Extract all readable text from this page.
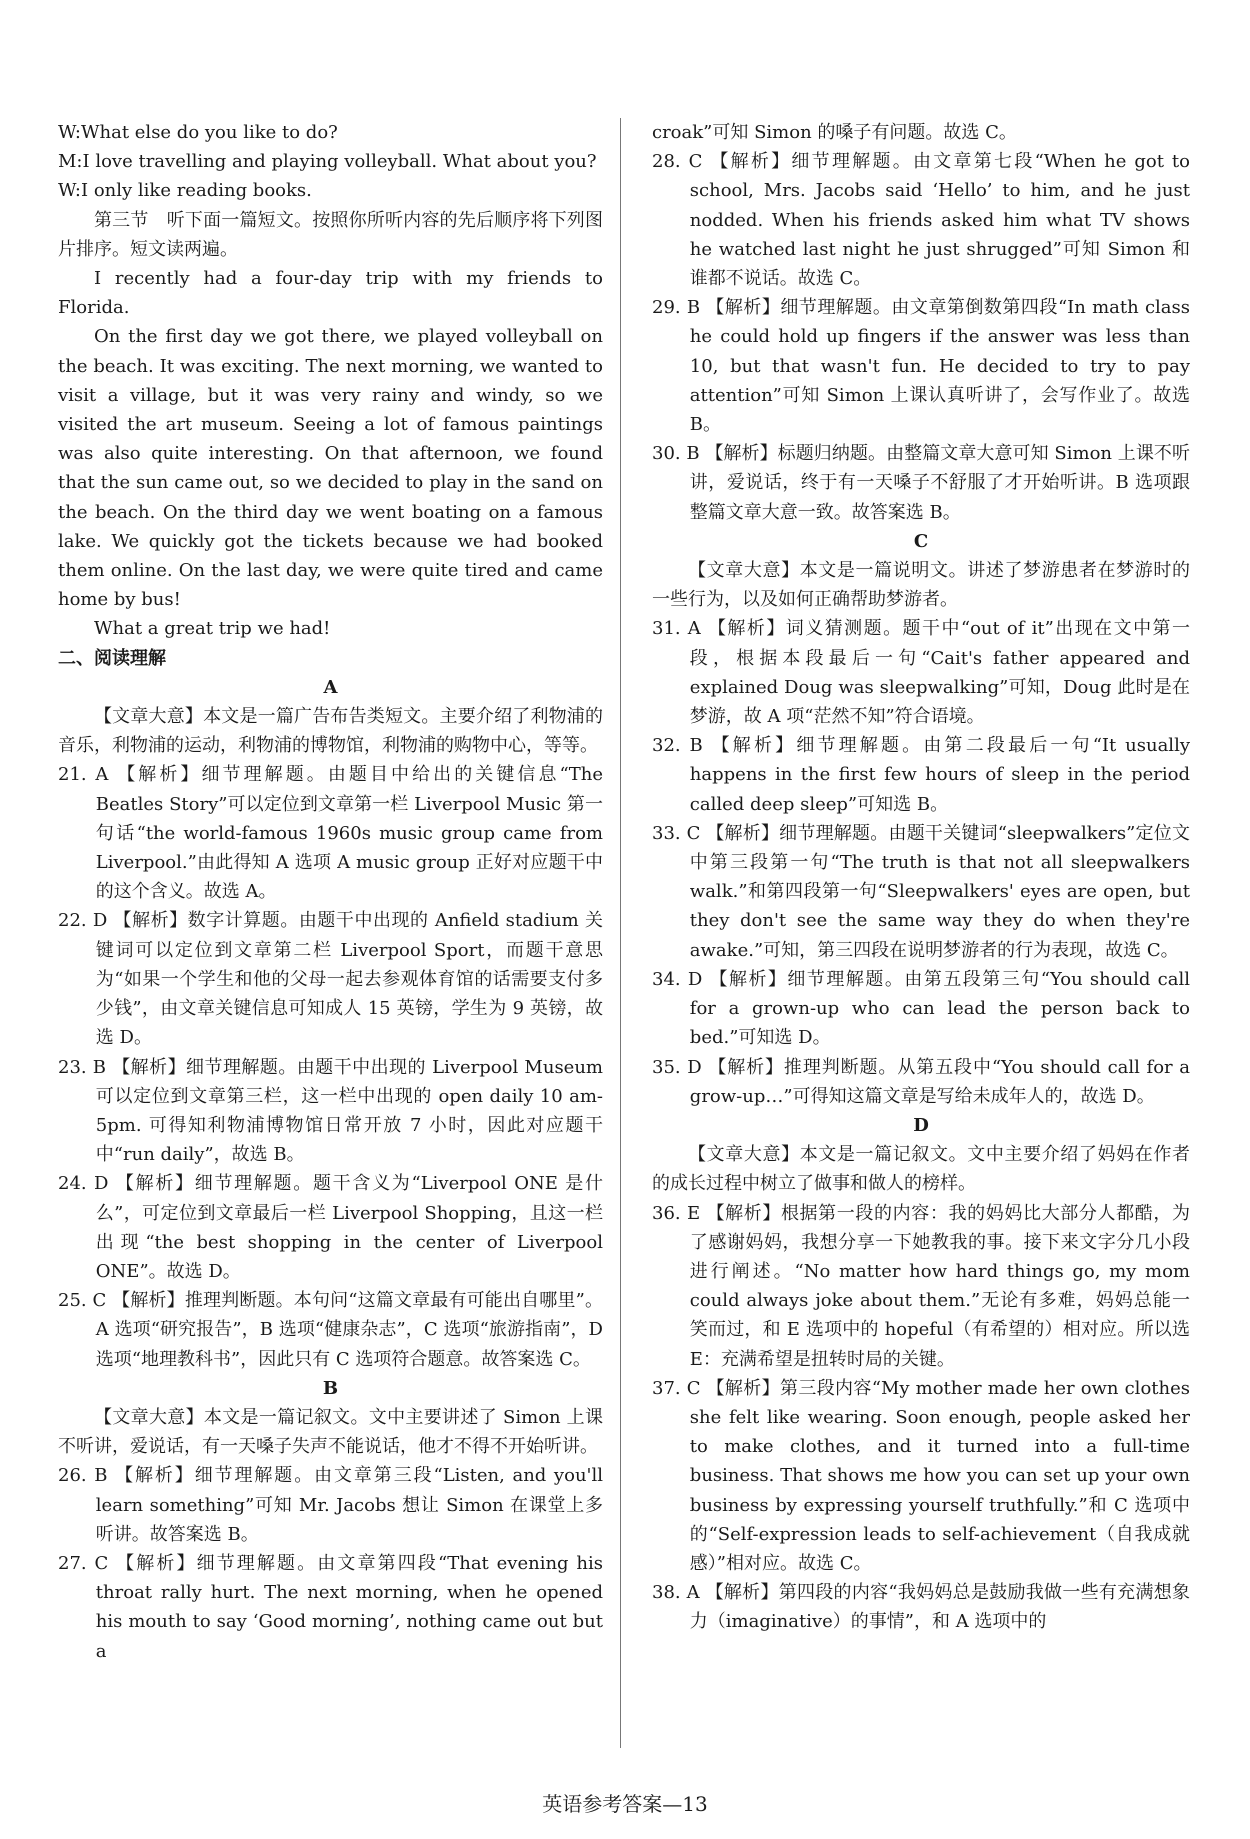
W:What else do you like to do?

M:I love travelling and playing volleyball. What about you?

W:I only like reading books.

第三节　听下面一篇短文。按照你所听内容的先后顺序将下列图片排序。短文读两遍。

I recently had a four-day trip with my friends to Florida.

On the first day we got there, we played volleyball on the beach. It was exciting. The next morning, we wanted to visit a village, but it was very rainy and windy, so we visited the art museum. Seeing a lot of famous paintings was also quite interesting. On that afternoon, we found that the sun came out, so we decided to play in the sand on the beach. On the third day we went boating on a famous lake. We quickly got the tickets because we had booked them online. On the last day, we were quite tired and came home by bus!

What a great trip we had!

二、阅读理解

A

【文章大意】本文是一篇广告布告类短文。主要介绍了利物浦的音乐，利物浦的运动，利物浦的博物馆，利物浦的购物中心，等等。

21. A 【解析】细节理解题。由题目中给出的关键信息“The Beatles Story”可以定位到文章第一栏 Liverpool Music 第一句话“the world-famous 1960s music group came from Liverpool.”由此得知 A 选项 A music group 正好对应题干中的这个含义。故选 A。

22. D 【解析】数字计算题。由题干中出现的 Anfield stadium 关键词可以定位到文章第二栏 Liverpool Sport，而题干意思为“如果一个学生和他的父母一起去参观体育馆的话需要支付多少钱”，由文章关键信息可知成人 15 英镑，学生为 9 英镑，故选 D。

23. B 【解析】细节理解题。由题干中出现的 Liverpool Museum 可以定位到文章第三栏，这一栏中出现的 open daily 10 am-5pm. 可得知利物浦博物馆日常开放 7 小时，因此对应题干中“run daily”，故选 B。

24. D 【解析】细节理解题。题干含义为“Liverpool ONE 是什么”，可定位到文章最后一栏 Liverpool Shopping，且这一栏出现“the best shopping in the center of Liverpool ONE”。故选 D。

25. C 【解析】推理判断题。本句问“这篇文章最有可能出自哪里”。A 选项“研究报告”，B 选项“健康杂志”，C 选项“旅游指南”，D 选项“地理教科书”，因此只有 C 选项符合题意。故答案选 C。

B

【文章大意】本文是一篇记叙文。文中主要讲述了 Simon 上课不听讲，爱说话，有一天嗓子失声不能说话，他才不得不开始听讲。

26. B 【解析】细节理解题。由文章第三段“Listen, and you'll learn something”可知 Mr. Jacobs 想让 Simon 在课堂上多听讲。故答案选 B。

27. C 【解析】细节理解题。由文章第四段“That evening his throat rally hurt. The next morning, when he opened his mouth to say ‘Good morning’, nothing came out but a

croak”可知 Simon 的嗓子有问题。故选 C。

28. C 【解析】细节理解题。由文章第七段“When he got to school, Mrs. Jacobs said ‘Hello’ to him, and he just nodded. When his friends asked him what TV shows he watched last night he just shrugged”可知 Simon 和谁都不说话。故选 C。

29. B 【解析】细节理解题。由文章第倒数第四段“In math class he could hold up fingers if the answer was less than 10, but that wasn't fun. He decided to try to pay attention”可知 Simon 上课认真听讲了，会写作业了。故选 B。

30. B 【解析】标题归纳题。由整篇文章大意可知 Simon 上课不听讲，爱说话，终于有一天嗓子不舒服了才开始听讲。B 选项跟整篇文章大意一致。故答案选 B。

C

【文章大意】本文是一篇说明文。讲述了梦游患者在梦游时的一些行为，以及如何正确帮助梦游者。

31. A 【解析】词义猜测题。题干中“out of it”出现在文中第一段，根据本段最后一句“Cait's father appeared and explained Doug was sleepwalking”可知，Doug 此时是在梦游，故 A 项“茫然不知”符合语境。

32. B 【解析】细节理解题。由第二段最后一句“It usually happens in the first few hours of sleep in the period called deep sleep”可知选 B。

33. C 【解析】细节理解题。由题干关键词“sleepwalkers”定位文中第三段第一句“The truth is that not all sleepwalkers walk.”和第四段第一句“Sleepwalkers' eyes are open, but they don't see the same way they do when they're awake.”可知，第三四段在说明梦游者的行为表现，故选 C。

34. D 【解析】细节理解题。由第五段第三句“You should call for a grown-up who can lead the person back to bed.”可知选 D。

35. D 【解析】推理判断题。从第五段中“You should call for a grow-up…”可得知这篇文章是写给未成年人的，故选 D。

D

【文章大意】本文是一篇记叙文。文中主要介绍了妈妈在作者的成长过程中树立了做事和做人的榜样。

36. E 【解析】根据第一段的内容：我的妈妈比大部分人都酷，为了感谢妈妈，我想分享一下她教我的事。接下来文字分几小段进行阐述。“No matter how hard things go, my mom could always joke about them.”无论有多难，妈妈总能一笑而过，和 E 选项中的 hopeful（有希望的）相对应。所以选 E：充满希望是扭转时局的关键。

37. C 【解析】第三段内容“My mother made her own clothes she felt like wearing. Soon enough, people asked her to make clothes, and it turned into a full-time business. That shows me how you can set up your own business by expressing yourself truthfully.”和 C 选项中的“Self-expression leads to self-achievement（自我成就感）”相对应。故选 C。

38. A 【解析】第四段的内容“我妈妈总是鼓励我做一些有充满想象力（imaginative）的事情”，和 A 选项中的

英语参考答案—13
